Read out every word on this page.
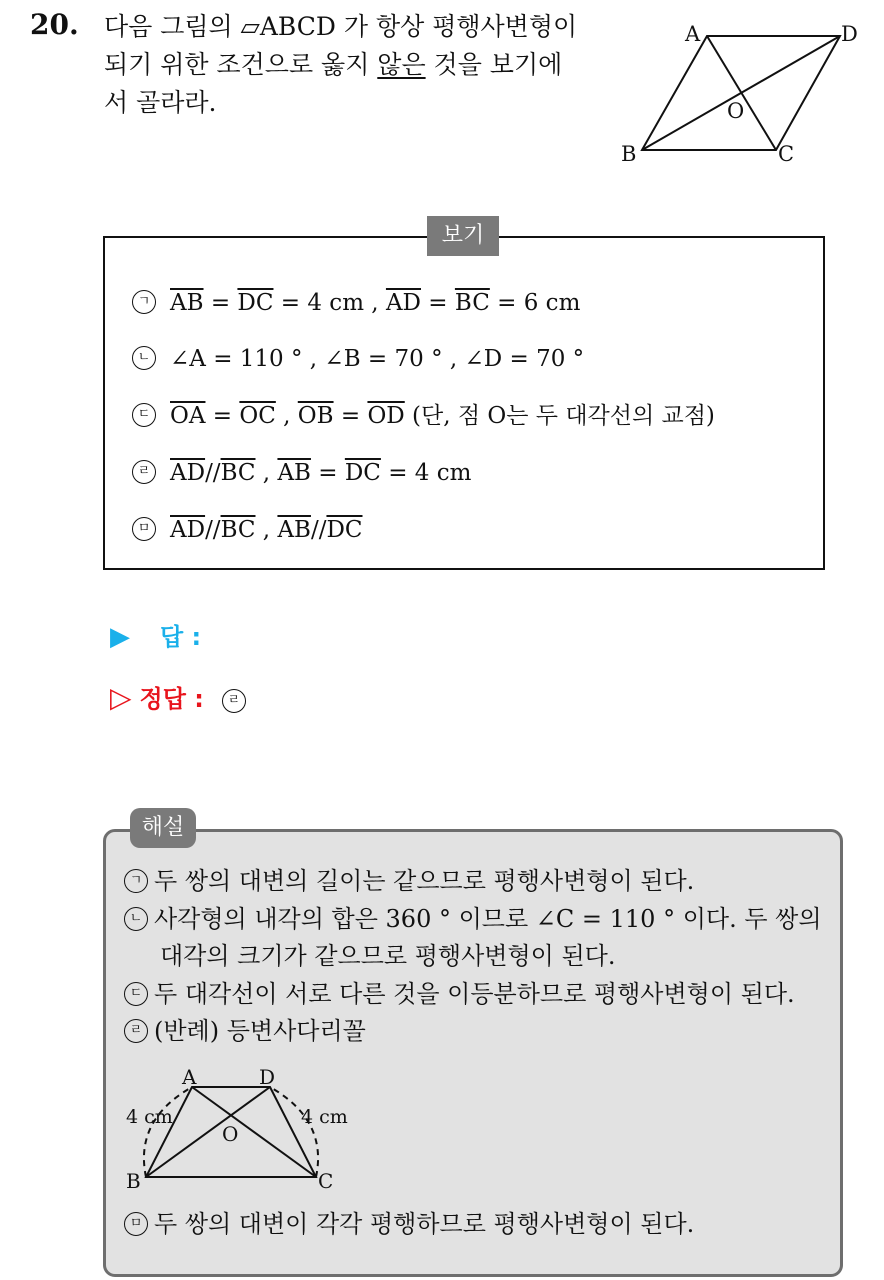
20. 다음 그림의 ▱ABCD 가 항상 평행사변형이
되기 위한 조건으로 옳지 않은 것을 보기에
서 골라라.
A	D
B	C
O
보기
ㄱ $\overline{AB} = \overline{DC} = 4$ cm , $\overline{AD} = \overline{BC} = 6$ cm
ㄴ ∠A = 110 ° , ∠B = 70 ° , ∠D = 70 °
ㄷ $\overline{OA} = \overline{OC}$ , $\overline{OB} = \overline{OD}$ (단, 점 O는 두 대각선의 교점)
ㄹ $\overline{AD}//\overline{BC}$ , $\overline{AB} = \overline{DC} = 4$ cm
ㅁ $\overline{AD}//\overline{BC}$ , $\overline{AB}//\overline{DC}$
▶ 답 :
▷ 정답 : ㄹ
해설
ㄱ 두 쌍의 대변의 길이는 같으므로 평행사변형이 된다.
ㄴ 사각형의 내각의 합은 360 ° 이므로 ∠C = 110 ° 이다. 두 쌍의
대각의 크기가 같으므로 평행사변형이 된다.
ㄷ 두 대각선이 서로 다른 것을 이등분하므로 평행사변형이 된다.
ㄹ (반례) 등변사다리꼴
A	D
B	C
O
4 cm	4 cm
ㅁ 두 쌍의 대변이 각각 평행하므로 평행사변형이 된다.
